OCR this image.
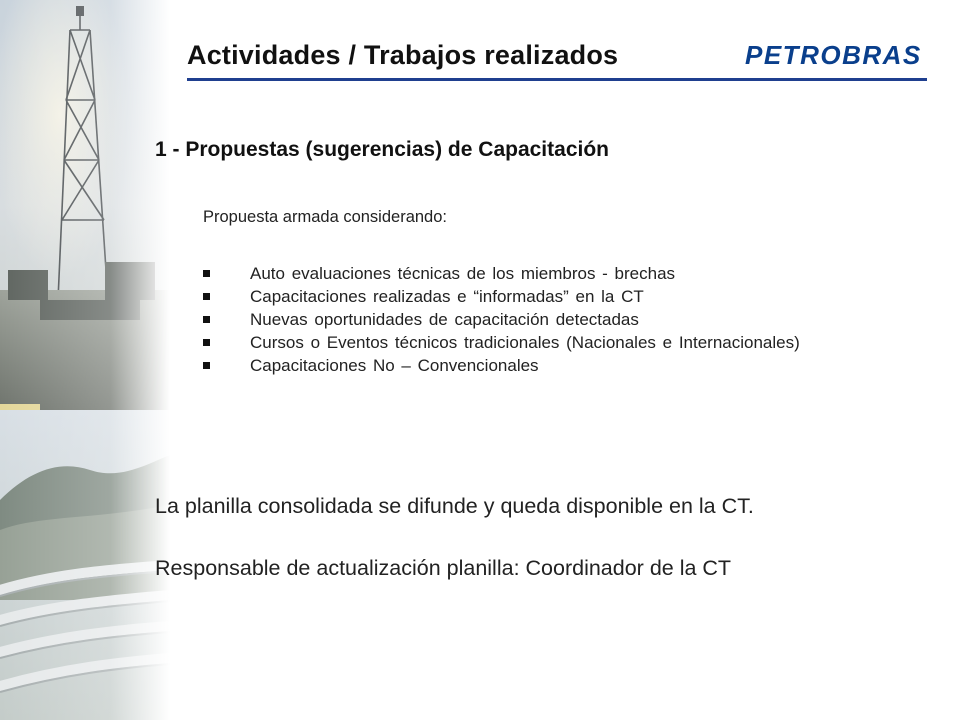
Actividades / Trabajos realizados	PETROBRAS
1 - Propuestas (sugerencias) de Capacitación
Propuesta armada considerando:
Auto evaluaciones técnicas de los miembros - brechas
Capacitaciones realizadas e “informadas” en la CT
Nuevas oportunidades de capacitación detectadas
Cursos o Eventos técnicos tradicionales (Nacionales e Internacionales)
Capacitaciones No – Convencionales
La planilla consolidada se difunde y queda disponible en la CT.
Responsable de actualización planilla: Coordinador de la CT
